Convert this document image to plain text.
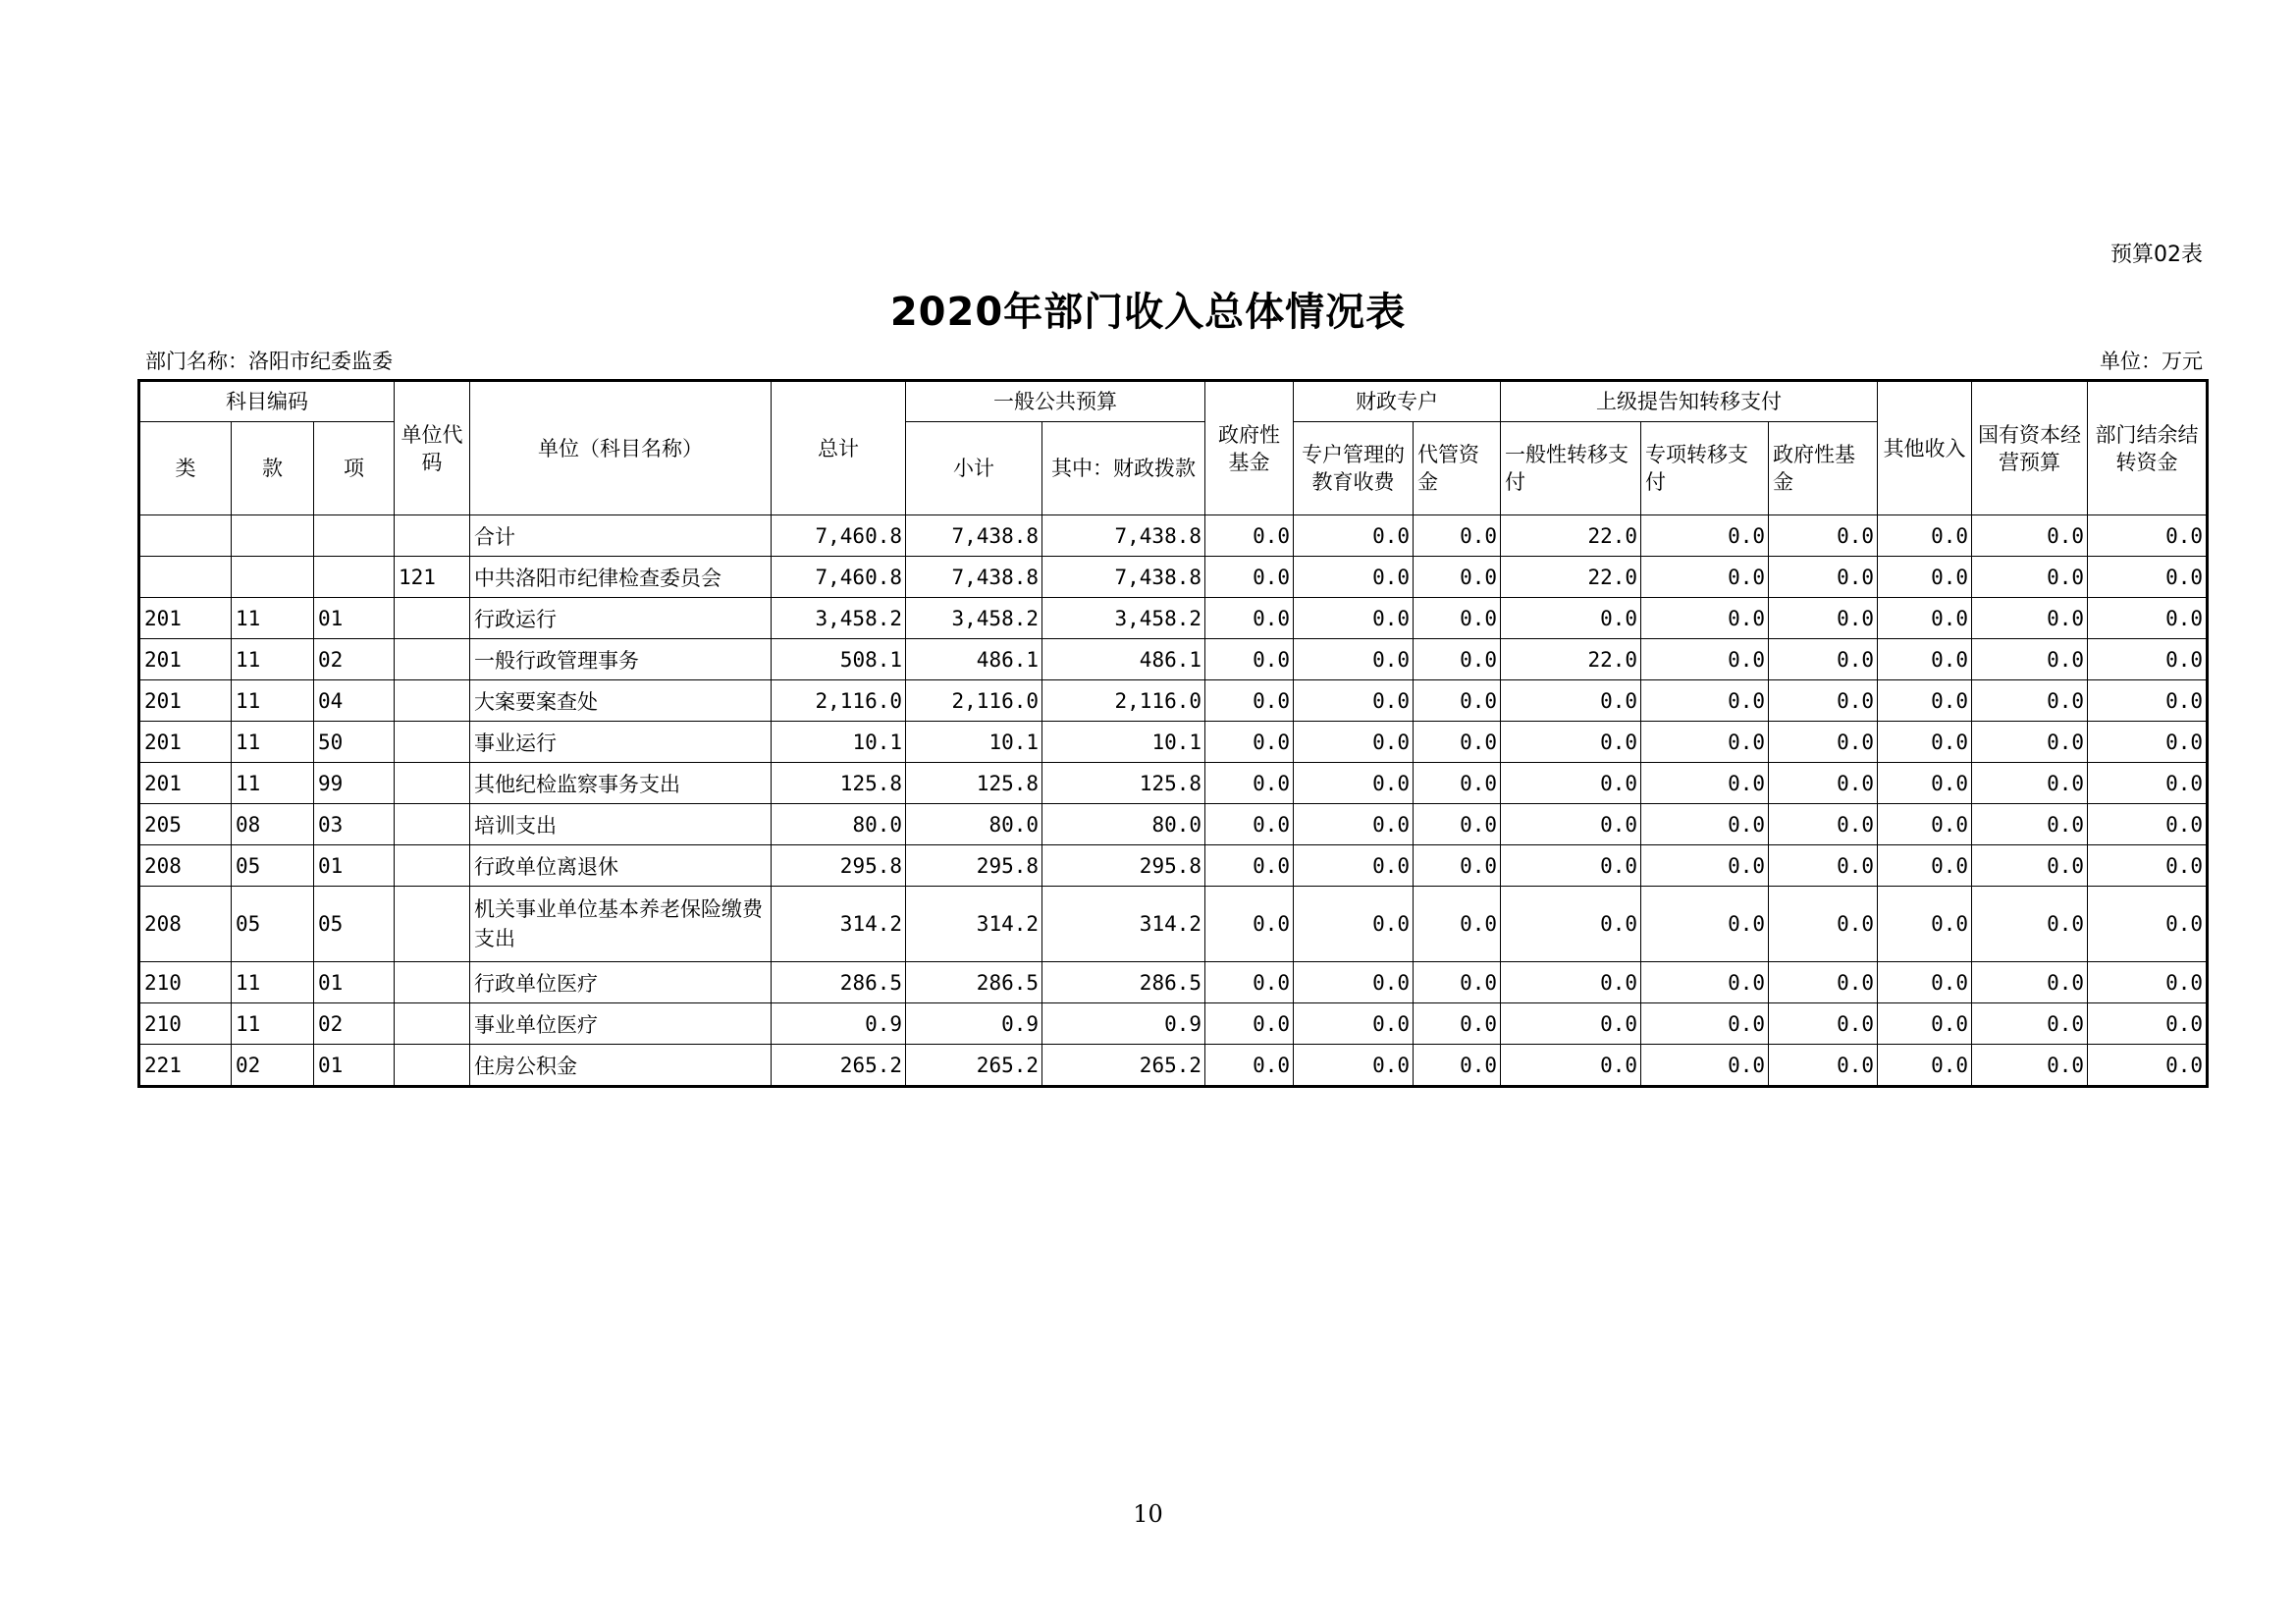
预算02表
2020年部门收入总体情况表
部门名称：洛阳市纪委监委	单位：万元
科目编码			单位代码	单位（科目名称）	总计	一般公共预算		政府性基金	财政专户		上级提告知转移支付			其他收入	国有资本经营预算	部门结余结转资金
类	款	项				小计	其中：财政拨款		专户管理的教育收费	代管资金	一般性转移支付	专项转移支付	政府性基金			
				合计	7,460.8	7,438.8	7,438.8	0.0	0.0	0.0	22.0	0.0	0.0	0.0	0.0	0.0
			121	中共洛阳市纪律检查委员会	7,460.8	7,438.8	7,438.8	0.0	0.0	0.0	22.0	0.0	0.0	0.0	0.0	0.0
201	11	01		行政运行	3,458.2	3,458.2	3,458.2	0.0	0.0	0.0	0.0	0.0	0.0	0.0	0.0	0.0
201	11	02		一般行政管理事务	508.1	486.1	486.1	0.0	0.0	0.0	22.0	0.0	0.0	0.0	0.0	0.0
201	11	04		大案要案查处	2,116.0	2,116.0	2,116.0	0.0	0.0	0.0	0.0	0.0	0.0	0.0	0.0	0.0
201	11	50		事业运行	10.1	10.1	10.1	0.0	0.0	0.0	0.0	0.0	0.0	0.0	0.0	0.0
201	11	99		其他纪检监察事务支出	125.8	125.8	125.8	0.0	0.0	0.0	0.0	0.0	0.0	0.0	0.0	0.0
205	08	03		培训支出	80.0	80.0	80.0	0.0	0.0	0.0	0.0	0.0	0.0	0.0	0.0	0.0
208	05	01		行政单位离退休	295.8	295.8	295.8	0.0	0.0	0.0	0.0	0.0	0.0	0.0	0.0	0.0
208	05	05		机关事业单位基本养老保险缴费支出	314.2	314.2	314.2	0.0	0.0	0.0	0.0	0.0	0.0	0.0	0.0	0.0
210	11	01		行政单位医疗	286.5	286.5	286.5	0.0	0.0	0.0	0.0	0.0	0.0	0.0	0.0	0.0
210	11	02		事业单位医疗	0.9	0.9	0.9	0.0	0.0	0.0	0.0	0.0	0.0	0.0	0.0	0.0
221	02	01		住房公积金	265.2	265.2	265.2	0.0	0.0	0.0	0.0	0.0	0.0	0.0	0.0	0.0
10
